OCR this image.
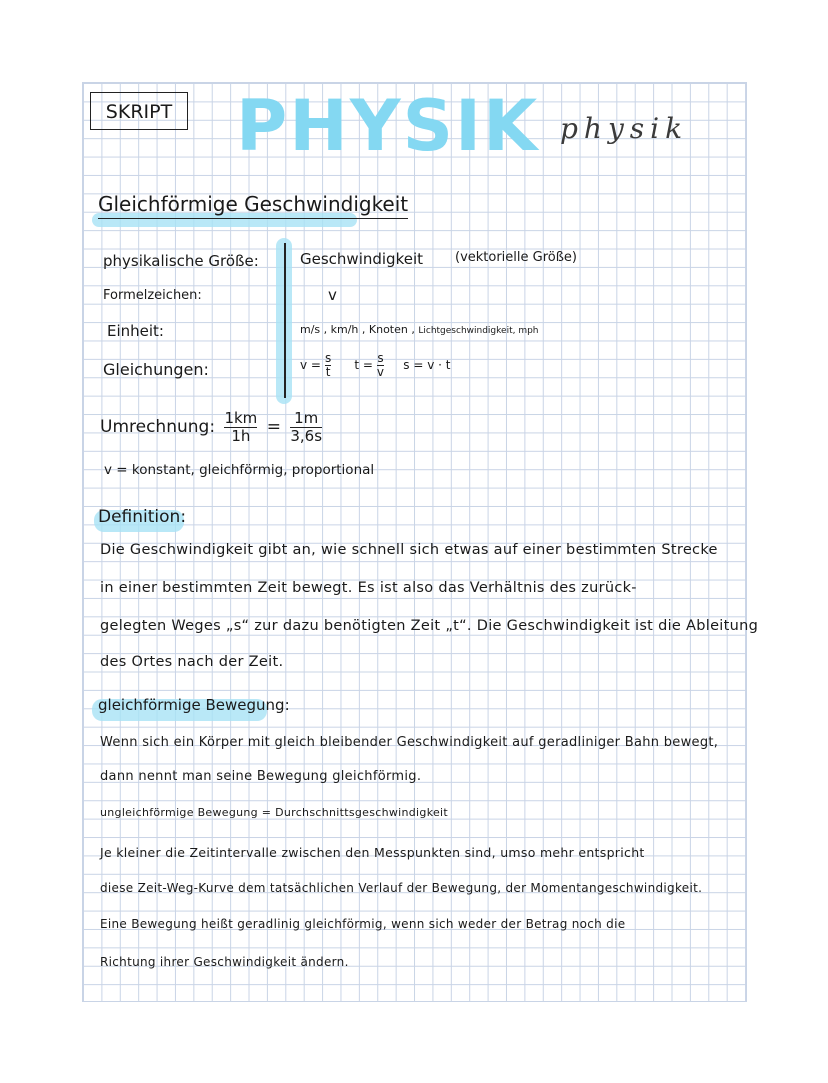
SKRIPT PHYSIK physik
Gleichförmige Geschwindigkeit
physikalische Größe:	Geschwindigkeit (vektorielle Größe)
Formelzeichen:	v
Einheit:	m/s , km/h , Knoten , Lichtgeschwindigkeit, mph
Gleichungen:	$v = \frac{s}{t}$ $t = \frac{s}{v}$ s = v · t
Umrechnung: $\frac{1km}{1h} = \frac{1m}{3,6s}$
v = konstant, gleichförmig, proportional
Definition:
Die Geschwindigkeit gibt an, wie schnell sich etwas auf einer bestimmten Strecke
in einer bestimmten Zeit bewegt. Es ist also das Verhältnis des zurück-
gelegten Weges „s“ zur dazu benötigten Zeit „t“. Die Geschwindigkeit ist die Ableitung
des Ortes nach der Zeit.
gleichförmige Bewegung:
Wenn sich ein Körper mit gleich bleibender Geschwindigkeit auf geradliniger Bahn bewegt,
dann nennt man seine Bewegung gleichförmig.
ungleichförmige Bewegung = Durchschnittsgeschwindigkeit
Je kleiner die Zeitintervalle zwischen den Messpunkten sind, umso mehr entspricht
diese Zeit-Weg-Kurve dem tatsächlichen Verlauf der Bewegung, der Momentangeschwindigkeit.
Eine Bewegung heißt geradlinig gleichförmig, wenn sich weder der Betrag noch die
Richtung ihrer Geschwindigkeit ändern.
